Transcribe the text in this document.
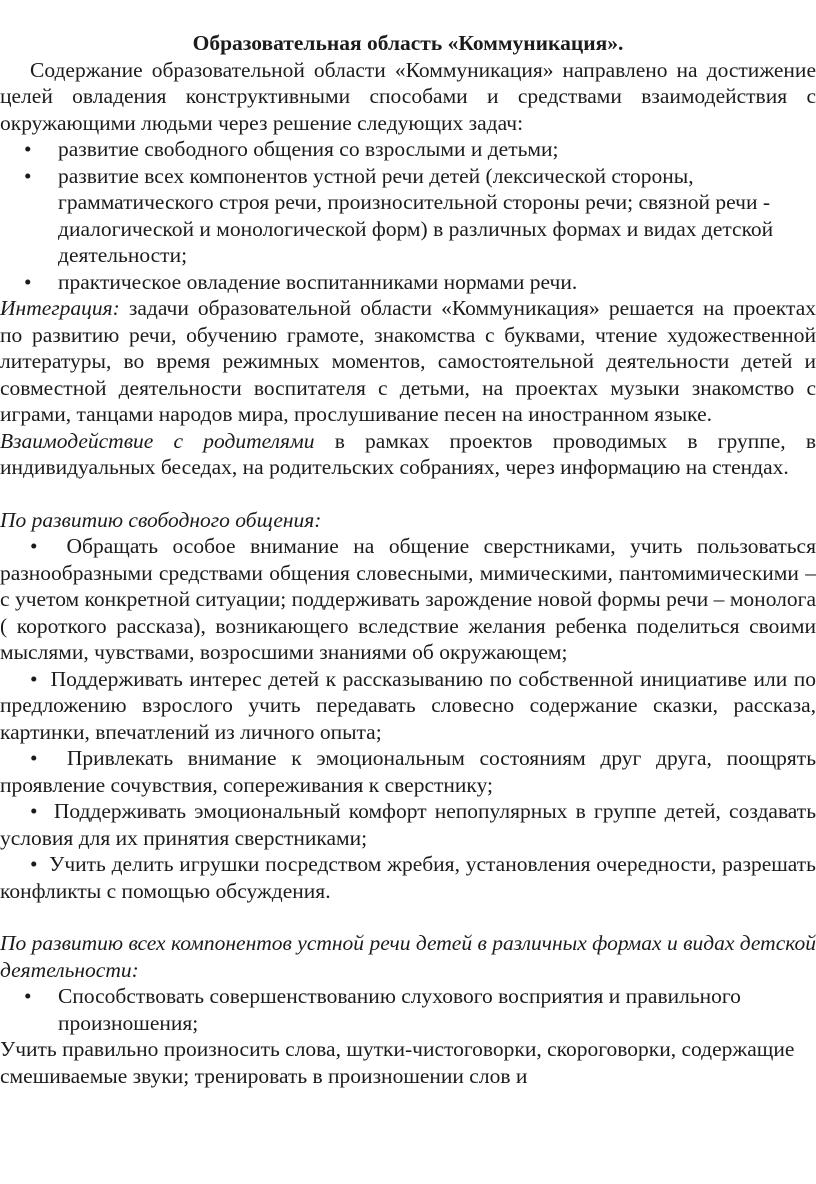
Образовательная область «Коммуникация».

Содержание образовательной области «Коммуникация» направлено на достижение целей овладения конструктивными способами и средствами взаимодействия с окружающими людьми через решение следующих задач:

• развитие свободного общения со взрослыми и детьми;
• развитие всех компонентов устной речи детей (лексической стороны, грамматического строя речи, произносительной стороны речи; связной речи - диалогической и монологической форм) в различных формах и видах детской деятельности;
• практическое овладение воспитанниками нормами речи.

Интеграция: задачи образовательной области «Коммуникация» решается на проектах по развитию речи, обучению грамоте, знакомства с буквами, чтение художественной литературы, во время режимных моментов, самостоятельной деятельности детей и совместной деятельности воспитателя с детьми, на проектах музыки знакомство с играми, танцами народов мира, прослушивание песен на иностранном языке.

Взаимодействие с родителями в рамках проектов проводимых в группе, в индивидуальных беседах, на родительских собраниях, через информацию на стендах.

По развитию свободного общения:

•  Обращать особое внимание на общение сверстниками, учить пользоваться разнообразными средствами общения словесными, мимическими, пантомимическими – с учетом конкретной ситуации; поддерживать зарождение новой формы речи – монолога ( короткого рассказа), возникающего вследствие желания ребенка поделиться своими мыслями, чувствами, возросшими знаниями об окружающем;

•  Поддерживать интерес детей к рассказыванию по собственной инициативе или по предложению взрослого учить передавать словесно содержание сказки, рассказа, картинки, впечатлений из личного опыта;

•  Привлекать внимание к эмоциональным состояниям друг друга, поощрять проявление сочувствия, сопереживания к сверстнику;

•  Поддерживать эмоциональный комфорт непопулярных в группе детей, создавать условия для их принятия сверстниками;

•  Учить делить игрушки посредством жребия, установления очередности, разрешать конфликты с помощью обсуждения.

По развитию всех компонентов устной речи детей в различных формах и видах детской деятельности:

• Способствовать совершенствованию слухового восприятия и правильного произношения;

Учить правильно произносить слова, шутки-чистоговорки, скороговорки, содержащие смешиваемые звуки; тренировать в произношении слов и
